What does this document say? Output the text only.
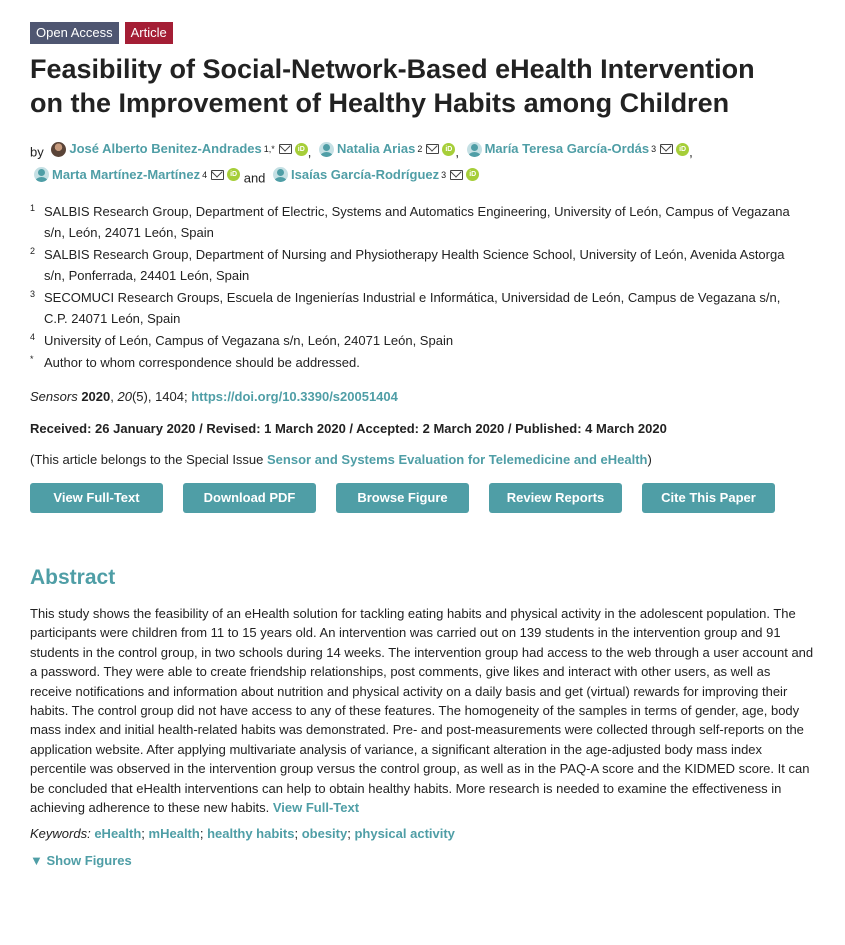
Open Access	Article
Feasibility of Social-Network-Based eHealth Intervention on the Improvement of Healthy Habits among Children
by José Alberto Benitez-Andrades 1,*	iD , Natalia Arias 2	iD , María Teresa García-Ordás 3	iD ,

Marta Martínez-Martínez 4	iD and Isaías García-Rodríguez 3	iD
1 SALBIS Research Group, Department of Electric, Systems and Automatics Engineering, University of León, Campus of Vegazana s/n, León, 24071 León, Spain
2 SALBIS Research Group, Department of Nursing and Physiotherapy Health Science School, University of León, Avenida Astorga s/n, Ponferrada, 24401 León, Spain
3 SECOMUCI Research Groups, Escuela de Ingenierías Industrial e Informática, Universidad de León, Campus de Vegazana s/n, C.P. 24071 León, Spain
4 University of León, Campus of Vegazana s/n, León, 24071 León, Spain
* Author to whom correspondence should be addressed.
Sensors 2020, 20(5), 1404; https://doi.org/10.3390/s20051404
Received: 26 January 2020 / Revised: 1 March 2020 / Accepted: 2 March 2020 / Published: 4 March 2020
(This article belongs to the Special Issue Sensor and Systems Evaluation for Telemedicine and eHealth)
View Full-Text	Download PDF	Browse Figure	Review Reports	Cite This Paper
Abstract
This study shows the feasibility of an eHealth solution for tackling eating habits and physical activity in the adolescent population. The participants were children from 11 to 15 years old. An intervention was carried out on 139 students in the intervention group and 91 students in the control group, in two schools during 14 weeks. The intervention group had access to the web through a user account and a password. They were able to create friendship relationships, post comments, give likes and interact with other users, as well as receive notifications and information about nutrition and physical activity on a daily basis and get (virtual) rewards for improving their habits. The control group did not have access to any of these features. The homogeneity of the samples in terms of gender, age, body mass index and initial health-related habits was demonstrated. Pre- and post-measurements were collected through self-reports on the application website. After applying multivariate analysis of variance, a significant alteration in the age-adjusted body mass index percentile was observed in the intervention group versus the control group, as well as in the PAQ-A score and the KIDMED score. It can be concluded that eHealth interventions can help to obtain healthy habits. More research is needed to examine the effectiveness in achieving adherence to these new habits. View Full-Text
Keywords: eHealth; mHealth; healthy habits; obesity; physical activity
▼ Show Figures
